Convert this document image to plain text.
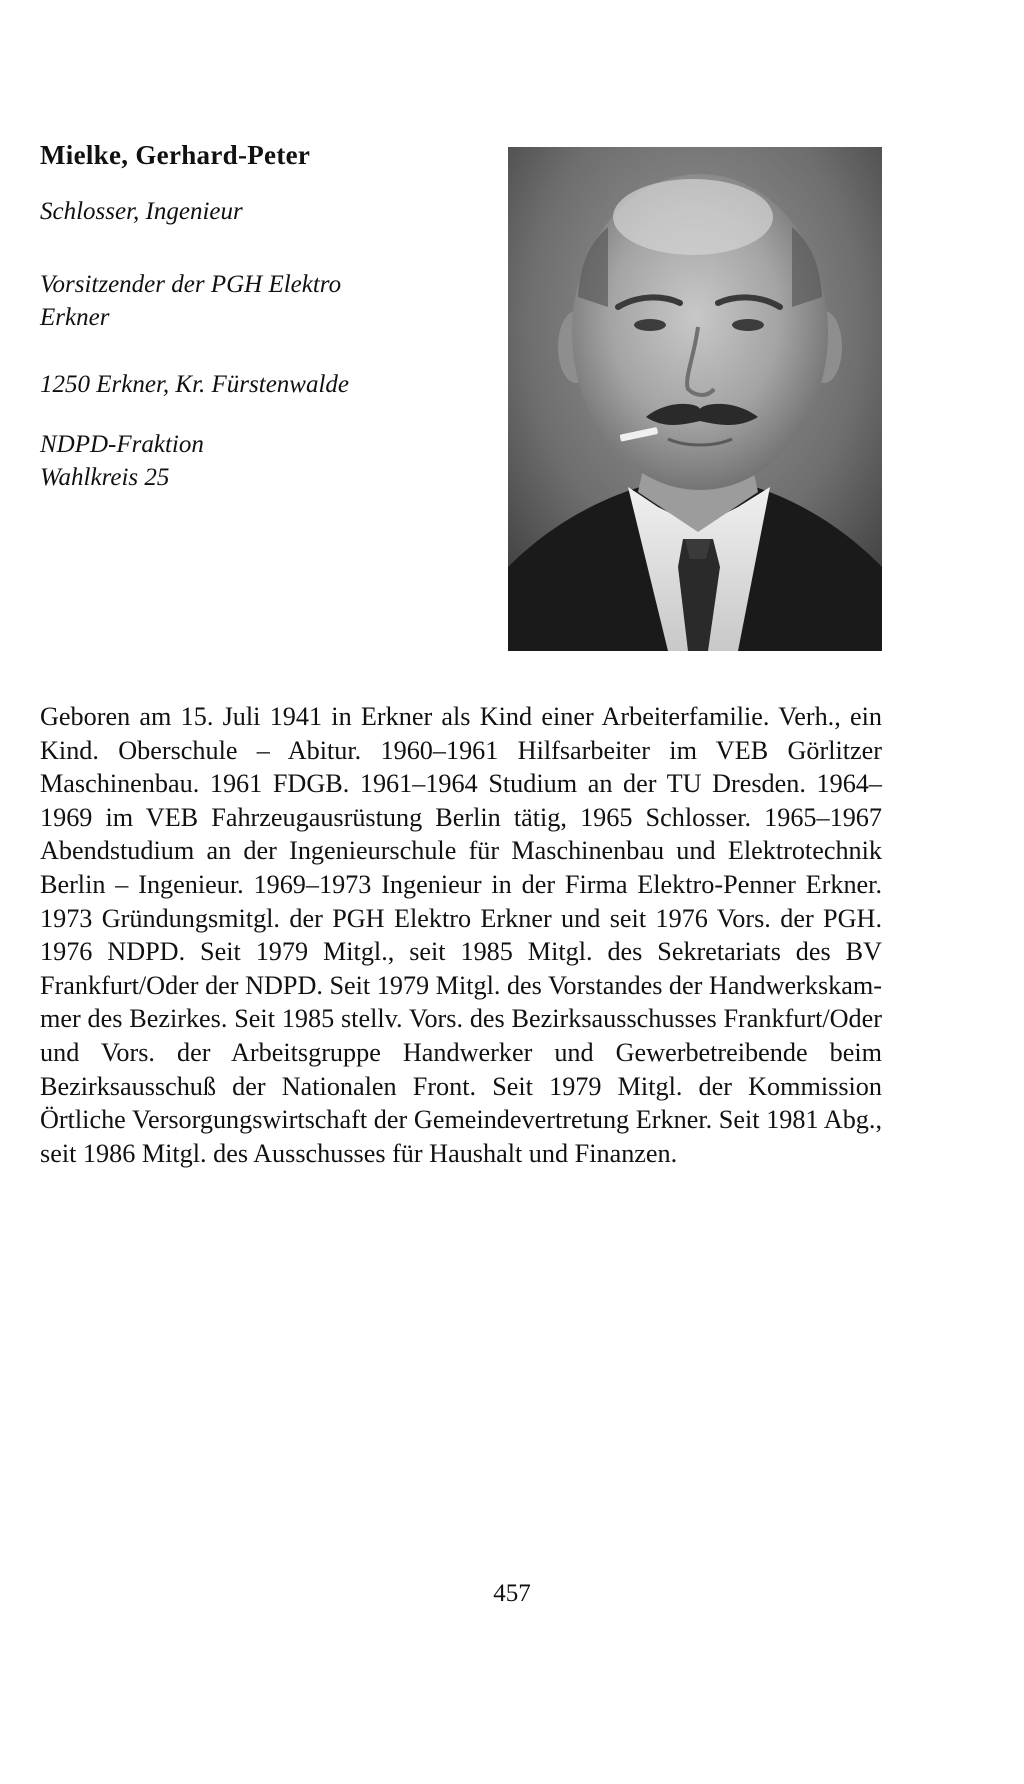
Mielke, Gerhard-Peter

Schlosser, Ingenieur

Vorsitzender der PGH Elektro
Erkner

1250 Erkner, Kr. Fürstenwalde

NDPD-Fraktion
Wahlkreis 25

Geboren am 15. Juli 1941 in Erkner als Kind einer Arbeiterfamilie. Verh., ein Kind. Oberschule – Abitur. 1960–1961 Hilfsarbeiter im VEB Görlitzer Maschinenbau. 1961 FDGB. 1961–1964 Studium an der TU Dresden. 1964–1969 im VEB Fahrzeugausrüstung Berlin tätig, 1965 Schlosser. 1965–1967 Abendstudium an der Ingenieurschule für Maschinenbau und Elektrotechnik Berlin – Ingenieur. 1969–1973 Ingenieur in der Firma Elektro-Penner Erkner. 1973 Gründungsmitgl. der PGH Elektro Erkner und seit 1976 Vors. der PGH. 1976 NDPD. Seit 1979 Mitgl., seit 1985 Mitgl. des Sekretariats des BV Frankfurt/​Oder der NDPD. Seit 1979 Mitgl. des Vorstandes der Handwerkskammer des Bezirkes. Seit 1985 stellv. Vors. des Bezirksausschusses Frankfurt/​Oder und Vors. der Arbeitsgruppe Handwerker und Gewerbetreibende beim Bezirksausschuß der Nationalen Front. Seit 1979 Mitgl. der Kommission Örtliche Versorgungswirtschaft der Gemeindevertretung Erkner. Seit 1981 Abg., seit 1986 Mitgl. des Ausschusses für Haushalt und Finanzen.

457
